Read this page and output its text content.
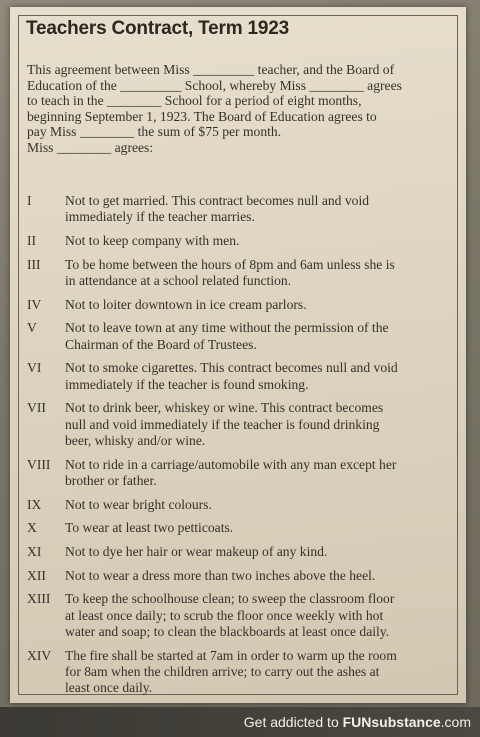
Teachers Contract, Term 1923
This agreement between Miss _________ teacher, and the Board of
Education of the _________ School, whereby Miss ________ agrees
to teach in the ________ School for a period of eight months,
beginning September 1, 1923. The Board of Education agrees to
pay Miss ________ the sum of $75 per month.
Miss ________ agrees:
I	Not to get married. This contract becomes null and void
immediately if the teacher marries.
II	Not to keep company with men.
III	To be home between the hours of 8pm and 6am unless she is
in attendance at a school related function.
IV	Not to loiter downtown in ice cream parlors.
V	Not to leave town at any time without the permission of the
Chairman of the Board of Trustees.
VI	Not to smoke cigarettes. This contract becomes null and void
immediately if the teacher is found smoking.
VII	Not to drink beer, whiskey or wine. This contract becomes
null and void immediately if the teacher is found drinking
beer, whisky and/or wine.
VIII	Not to ride in a carriage/automobile with any man except her
brother or father.
IX	Not to wear bright colours.
X	To wear at least two petticoats.
XI	Not to dye her hair or wear makeup of any kind.
XII	Not to wear a dress more than two inches above the heel.
XIII	To keep the schoolhouse clean; to sweep the classroom floor
at least once daily; to scrub the floor once weekly with hot
water and soap; to clean the blackboards at least once daily.
XIV	The fire shall be started at 7am in order to warm up the room
for 8am when the children arrive; to carry out the ashes at
least once daily.
Get addicted to FUNsubstance.com
